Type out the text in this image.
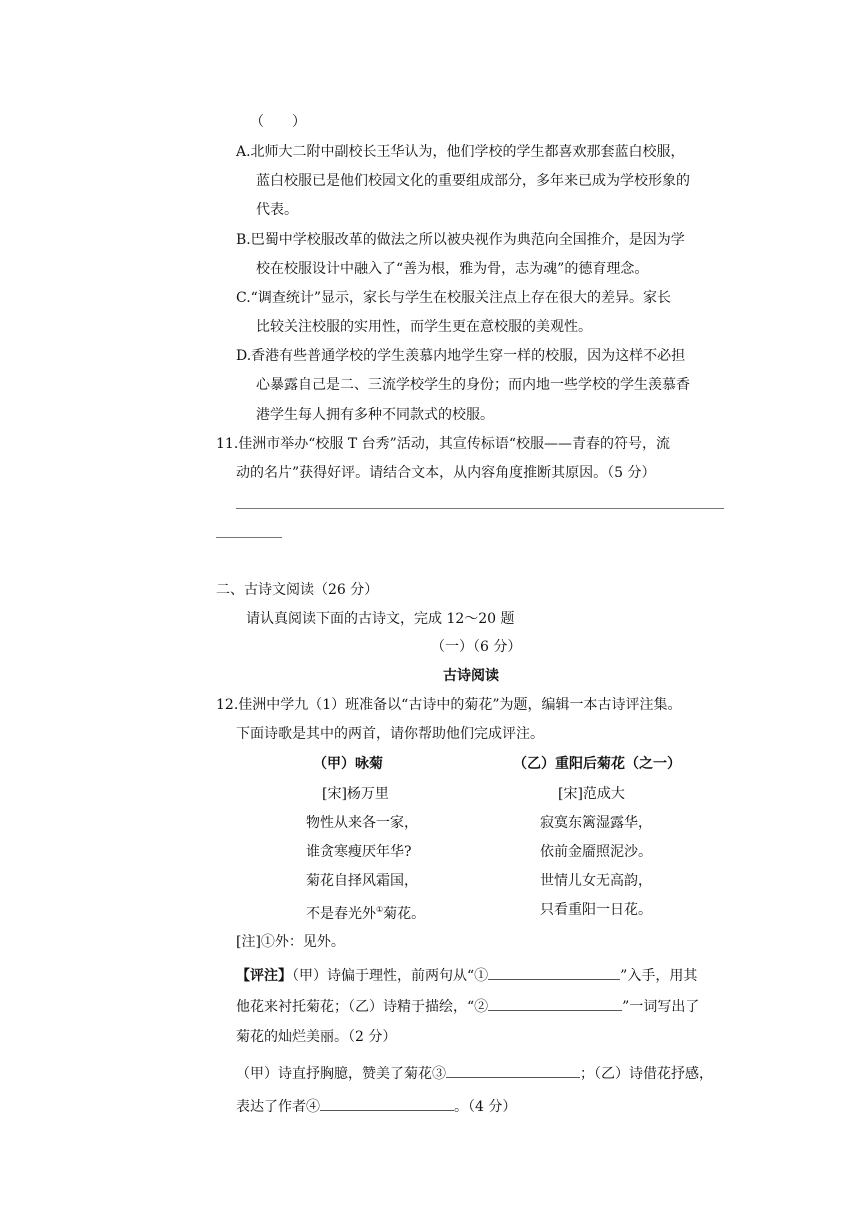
（　　）
A.北师大二附中副校长王华认为，他们学校的学生都喜欢那套蓝白校服，
蓝白校服已是他们校园文化的重要组成部分，多年来已成为学校形象的
代表。
B.巴蜀中学校服改革的做法之所以被央视作为典范向全国推介，是因为学
校在校服设计中融入了“善为根，雅为骨，志为魂”的德育理念。
C.“调查统计”显示，家长与学生在校服关注点上存在很大的差异。家长
比较关注校服的实用性，而学生更在意校服的美观性。
D.香港有些普通学校的学生羡慕内地学生穿一样的校服，因为这样不必担
心暴露自己是二、三流学校学生的身份；而内地一些学校的学生羡慕香
港学生每人拥有多种不同款式的校服。
11.佳洲市举办“校服 T 台秀”活动，其宣传标语“校服——青春的符号，流
动的名片”获得好评。请结合文本，从内容角度推断其原因。（5 分）
二、古诗文阅读（26 分）
请认真阅读下面的古诗文，完成 12～20 题
（一）（6 分）
古诗阅读
12.佳洲中学九（1）班准备以“古诗中的菊花”为题，编辑一本古诗评注集。
下面诗歌是其中的两首，请你帮助他们完成评注。
（甲）咏菊
[宋]杨万里
物性从来各一家，
谁贪寒瘦厌年华?
菊花自择风霜国，
不是春光外①菊花。
（乙）重阳后菊花（之一）
[宋]范成大
寂寞东篱湿露华，
依前金靥照泥沙。
世情儿女无高韵，
只看重阳一日花。
[注]①外：见外。
【评注】（甲）诗偏于理性，前两句从“①	”入手，用其
他花来衬托菊花；（乙）诗精于描绘，“②	”一词写出了
菊花的灿烂美丽。（2 分）
（甲）诗直抒胸臆，赞美了菊花③	；（乙）诗借花抒感，
表达了作者④	。（4 分）
